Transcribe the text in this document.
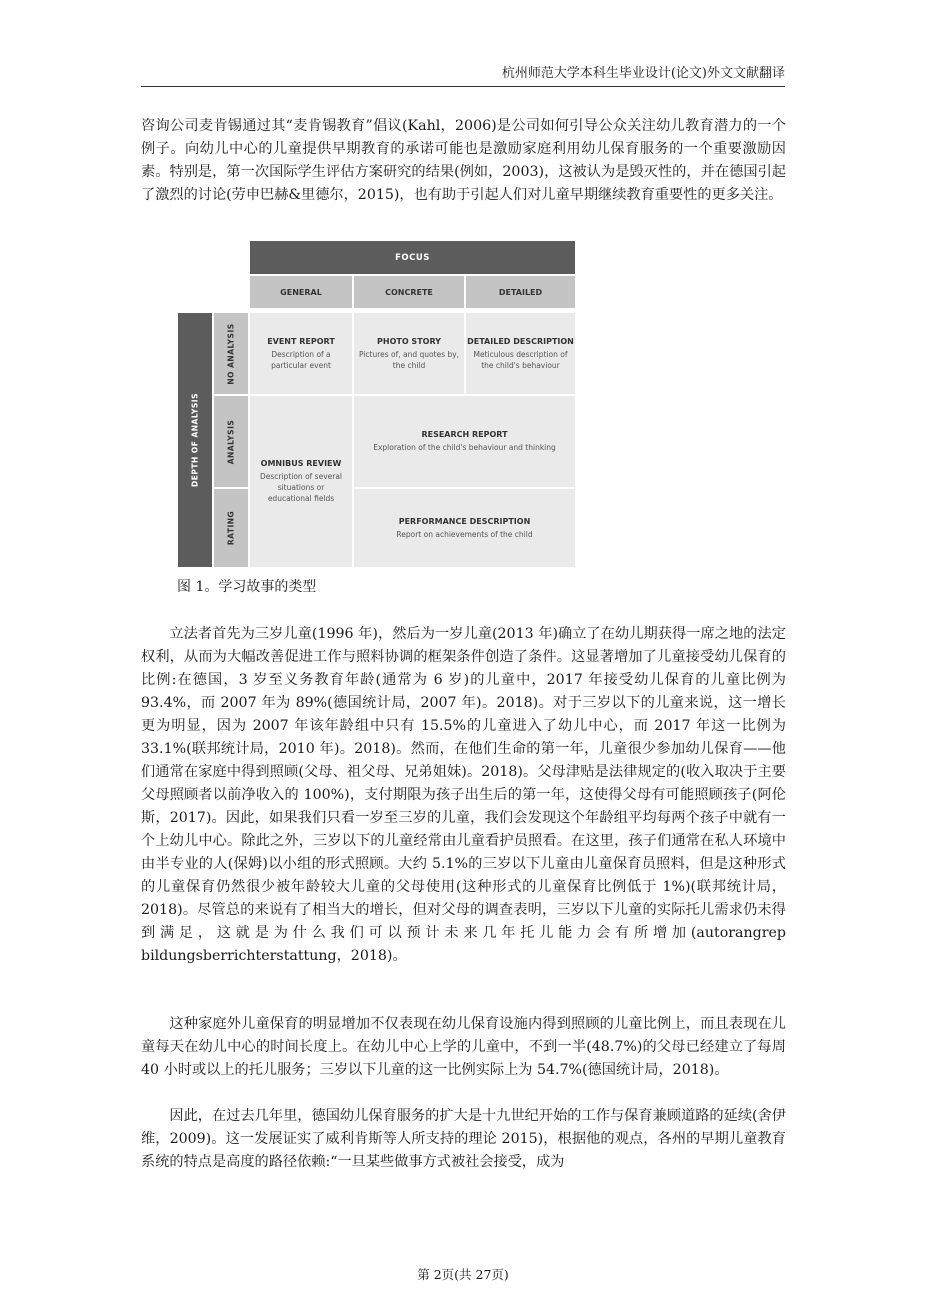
杭州师范大学本科生毕业设计(论文)外文文献翻译

咨询公司麦肯锡通过其“麦肯锡教育”倡议(Kahl，2006)是公司如何引导公众关注幼儿教育潜力的一个例子。向幼儿中心的儿童提供早期教育的承诺可能也是激励家庭利用幼儿保育服务的一个重要激励因素。特别是，第一次国际学生评估方案研究的结果(例如，2003)，这被认为是毁灭性的，并在德国引起了激烈的讨论(劳申巴赫&里德尔，2015)，也有助于引起人们对儿童早期继续教育重要性的更多关注。

FOCUS
GENERAL	CONCRETE	DETAILED
DEPTH OF ANALYSIS
NO ANALYSIS
ANALYSIS
RATING
EVENT REPORT
Description of a particular event
PHOTO STORY
Pictures of, and quotes by, the child
DETAILED DESCRIPTION
Meticulous description of the child's behaviour
OMNIBUS REVIEW
Description of several situations or educational fields
RESEARCH REPORT
Exploration of the child's behaviour and thinking
PERFORMANCE DESCRIPTION
Report on achievements of the child
图 1。学习故事的类型

立法者首先为三岁儿童(1996 年)，然后为一岁儿童(2013 年)确立了在幼儿期获得一席之地的法定权利，从而为大幅改善促进工作与照料协调的框架条件创造了条件。这显著增加了儿童接受幼儿保育的比例:在德国，3 岁至义务教育年龄(通常为 6 岁)的儿童中，2017 年接受幼儿保育的儿童比例为 93.4%，而 2007 年为 89%(德国统计局，2007 年)。2018)。对于三岁以下的儿童来说，这一增长更为明显，因为 2007 年该年龄组中只有 15.5%的儿童进入了幼儿中心，而 2017 年这一比例为 33.1%(联邦统计局，2010 年)。2018)。然而，在他们生命的第一年，儿童很少参加幼儿保育——他们通常在家庭中得到照顾(父母、祖父母、兄弟姐妹)。2018)。父母津贴是法律规定的(收入取决于主要父母照顾者以前净收入的 100%)，支付期限为孩子出生后的第一年，这使得父母有可能照顾孩子(阿伦斯，2017)。因此，如果我们只看一岁至三岁的儿童，我们会发现这个年龄组平均每两个孩子中就有一个上幼儿中心。除此之外，三岁以下的儿童经常由儿童看护员照看。在这里，孩子们通常在私人环境中由半专业的人(保姆)以小组的形式照顾。大约 5.1%的三岁以下儿童由儿童保育员照料，但是这种形式的儿童保育仍然很少被年龄较大儿童的父母使用(这种形式的儿童保育比例低于 1%)(联邦统计局，2018)。尽管总的来说有了相当大的增长，但对父母的调查表明，三岁以下儿童的实际托儿需求仍未得到满足，这就是为什么我们可以预计未来几年托儿能力会有所增加(autorangrep bildungsberrichterstattung，2018)。

这种家庭外儿童保育的明显增加不仅表现在幼儿保育设施内得到照顾的儿童比例上，而且表现在儿童每天在幼儿中心的时间长度上。在幼儿中心上学的儿童中，不到一半(48.7%)的父母已经建立了每周 40 小时或以上的托儿服务；三岁以下儿童的这一比例实际上为 54.7%(德国统计局，2018)。

因此，在过去几年里，德国幼儿保育服务的扩大是十九世纪开始的工作与保育兼顾道路的延续(舍伊维，2009)。这一发展证实了威利肯斯等人所支持的理论 2015)，根据他的观点，各州的早期儿童教育系统的特点是高度的路径依赖:“一旦某些做事方式被社会接受，成为

第 2页(共 27页)
